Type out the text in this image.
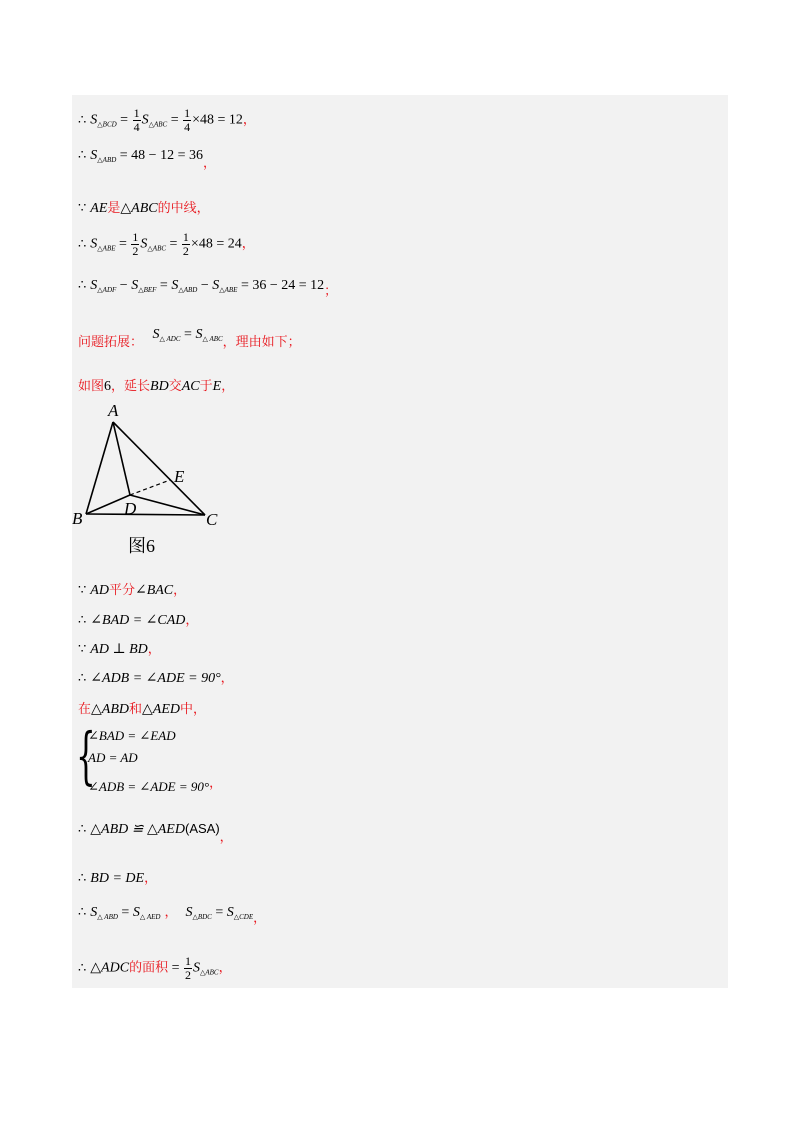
∴ $S_{\triangle BCD} = \frac{1}{4} S_{\triangle ABC} = \frac{1}{4} \times 48 = 12$，
∴ $S_{\triangle ABD} = 48 - 12 = 36$，
∵ AE是△ABC的中线，
∴ $S_{\triangle ABE} = \frac{1}{2} S_{\triangle ABC} = \frac{1}{2} \times 48 = 24$，
∴ $S_{\triangle ADF} - S_{\triangle BEF} = S_{\triangle ABD} - S_{\triangle ABE} = 36 - 24 = 12$；
问题拓展： $S_{\triangle ADC} = S_{\triangle ABC}$，理由如下；
如图6，延长BD交AC于E，
A
B	C
D
E
图6
∵ AD平分∠BAC，
∴ ∠BAD = ∠CAD，
∵ AD ⊥ BD，
∴ ∠ADB = ∠ADE = 90°，
在△ABD和△AED中，
{
∠BAD = ∠EAD
AD = AD
∠ADB = ∠ADE = 90°，
∴ △ABD ≌ △AED(ASA)，
∴ BD = DE，
∴ $S_{\triangle ABD} = S_{\triangle AED}$ ， $S_{\triangle BDC} = S_{\triangle CDE}$，
∴ △ADC的面积 = $\frac{1}{2} S_{\triangle ABC}$，
